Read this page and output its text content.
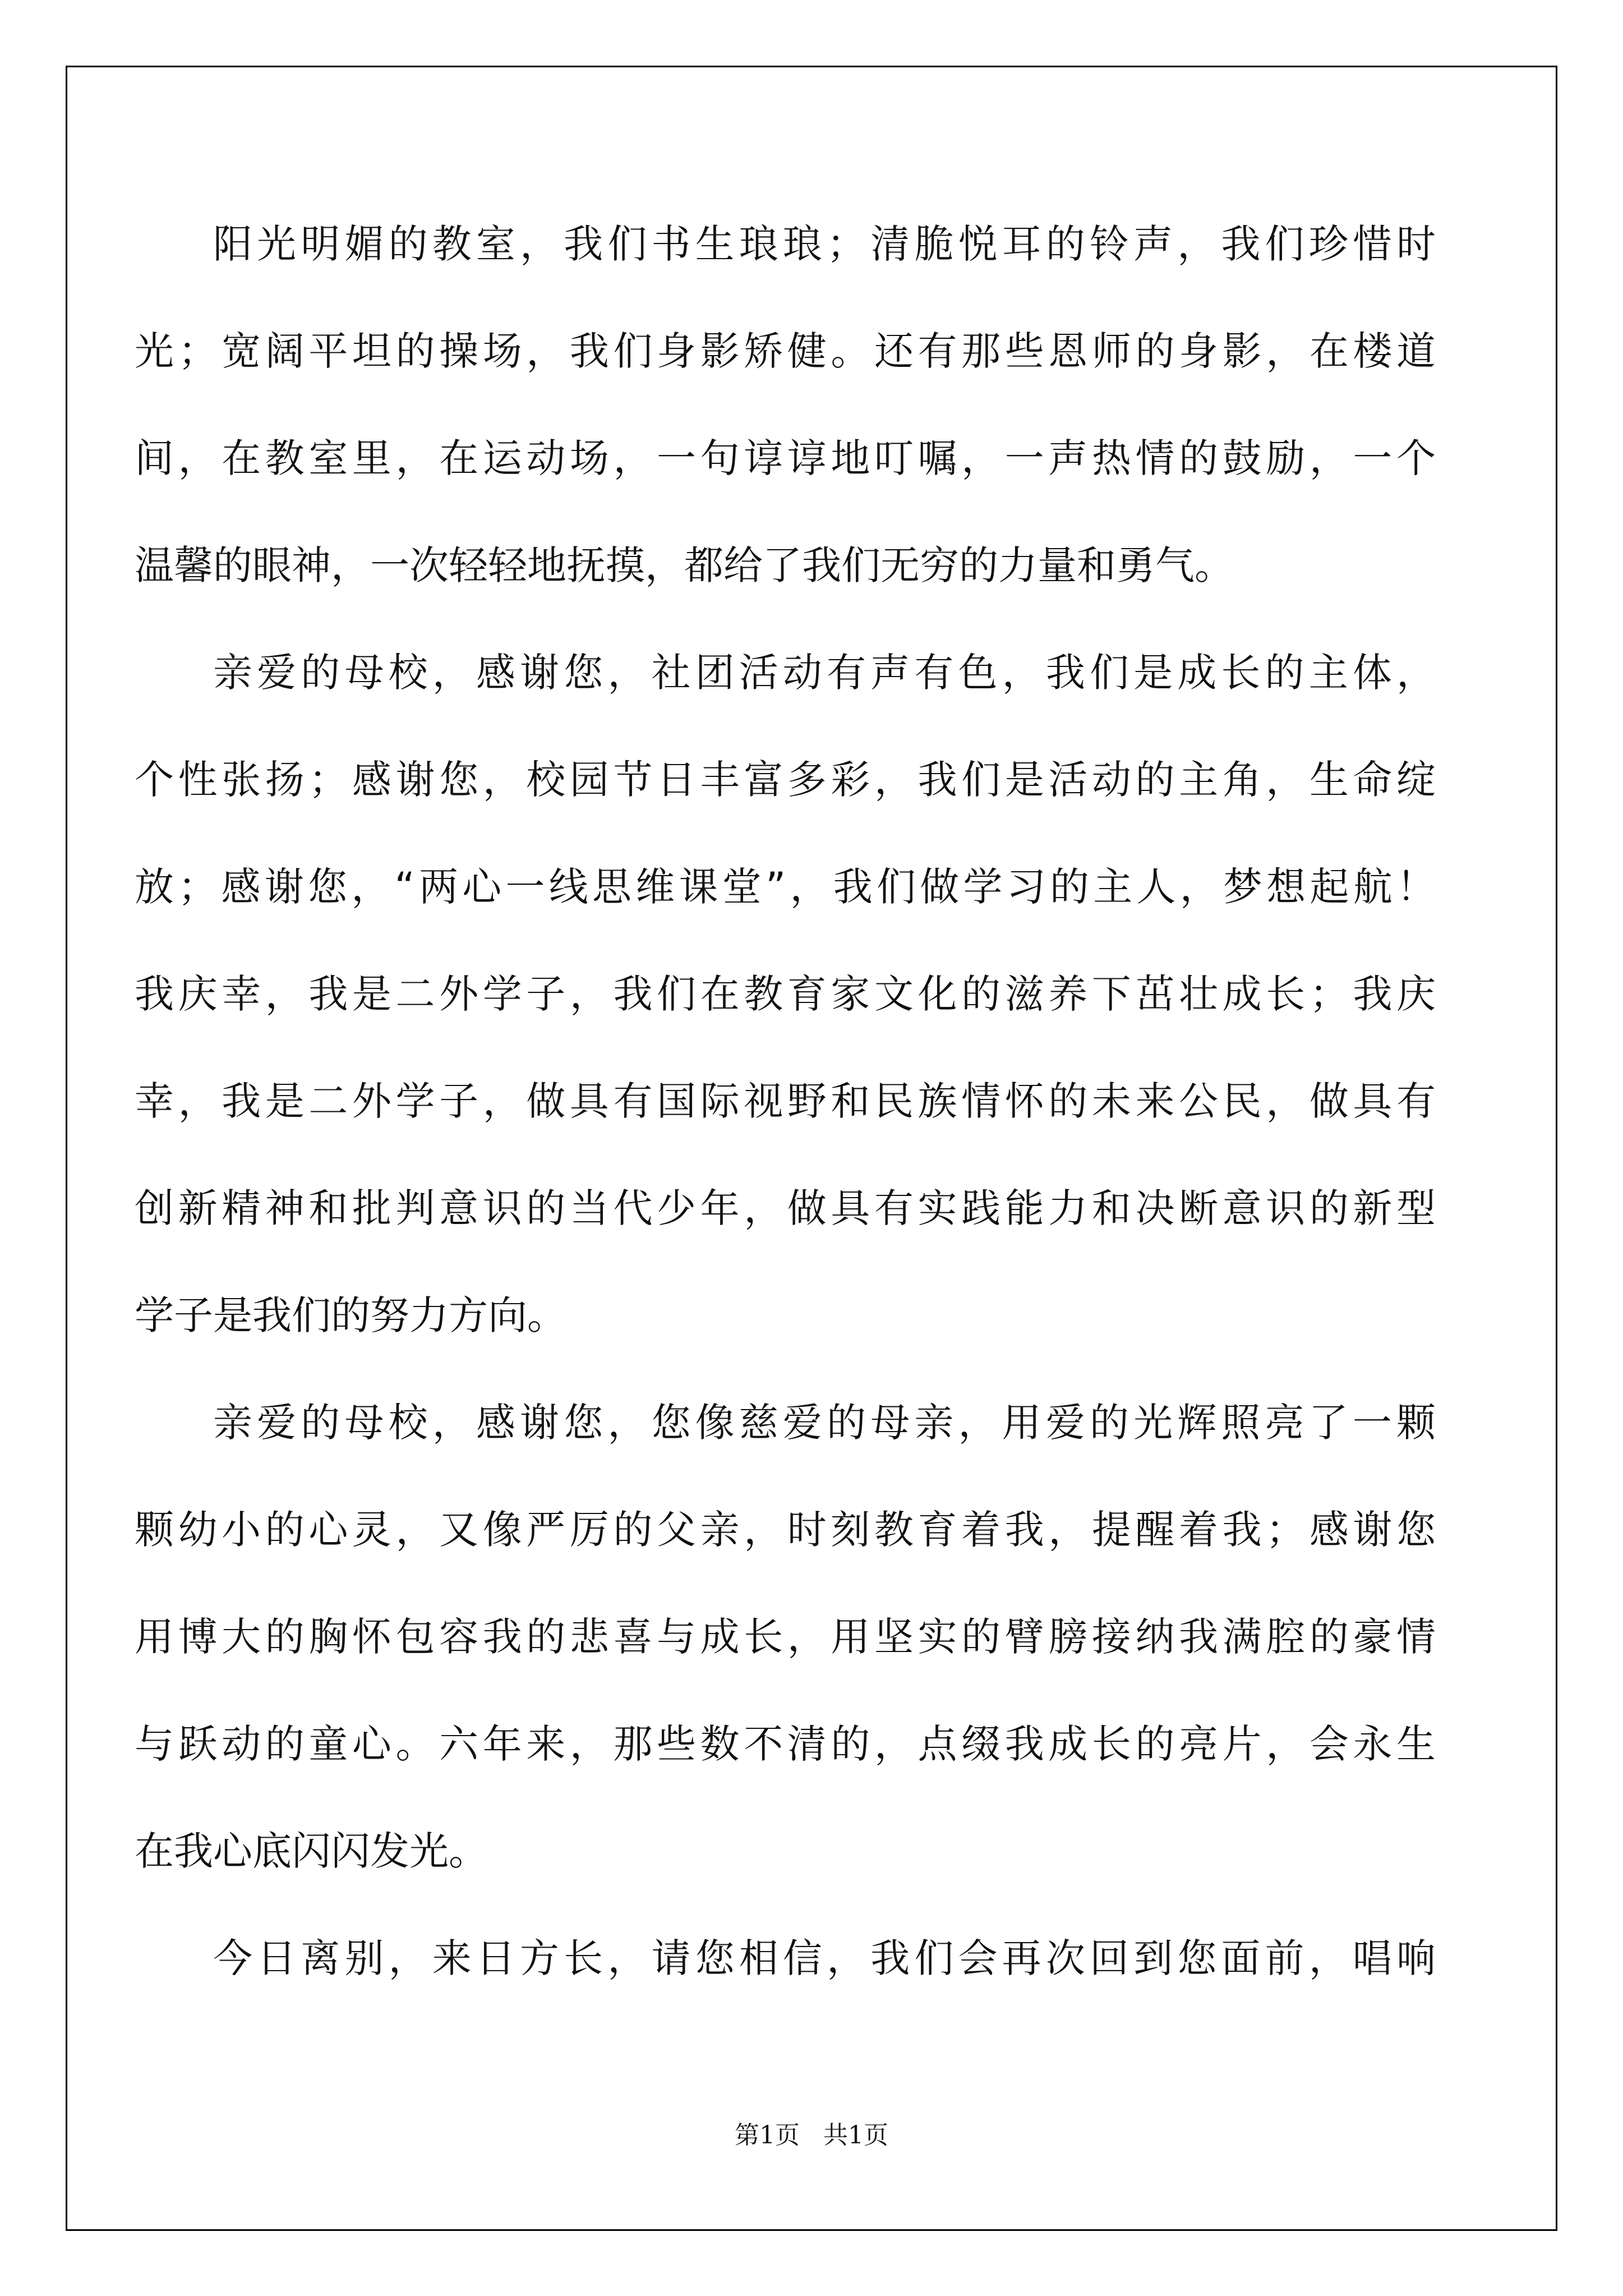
阳光明媚的教室，我们书生琅琅；清脆悦耳的铃声，我们珍惜时
光；宽阔平坦的操场，我们身影矫健。还有那些恩师的身影，在楼道
间，在教室里，在运动场，一句谆谆地叮嘱，一声热情的鼓励，一个
温馨的眼神，一次轻轻地抚摸，都给了我们无穷的力量和勇气。
亲爱的母校，感谢您，社团活动有声有色，我们是成长的主体，
个性张扬；感谢您，校园节日丰富多彩，我们是活动的主角，生命绽
放；感谢您，“两心一线思维课堂”，我们做学习的主人，梦想起航！
我庆幸，我是二外学子，我们在教育家文化的滋养下茁壮成长；我庆
幸，我是二外学子，做具有国际视野和民族情怀的未来公民，做具有
创新精神和批判意识的当代少年，做具有实践能力和决断意识的新型
学子是我们的努力方向。
亲爱的母校，感谢您，您像慈爱的母亲，用爱的光辉照亮了一颗
颗幼小的心灵，又像严厉的父亲，时刻教育着我，提醒着我；感谢您
用博大的胸怀包容我的悲喜与成长，用坚实的臂膀接纳我满腔的豪情
与跃动的童心。六年来，那些数不清的，点缀我成长的亮片，会永生
在我心底闪闪发光。
今日离别，来日方长，请您相信，我们会再次回到您面前，唱响
第1页 共1页
